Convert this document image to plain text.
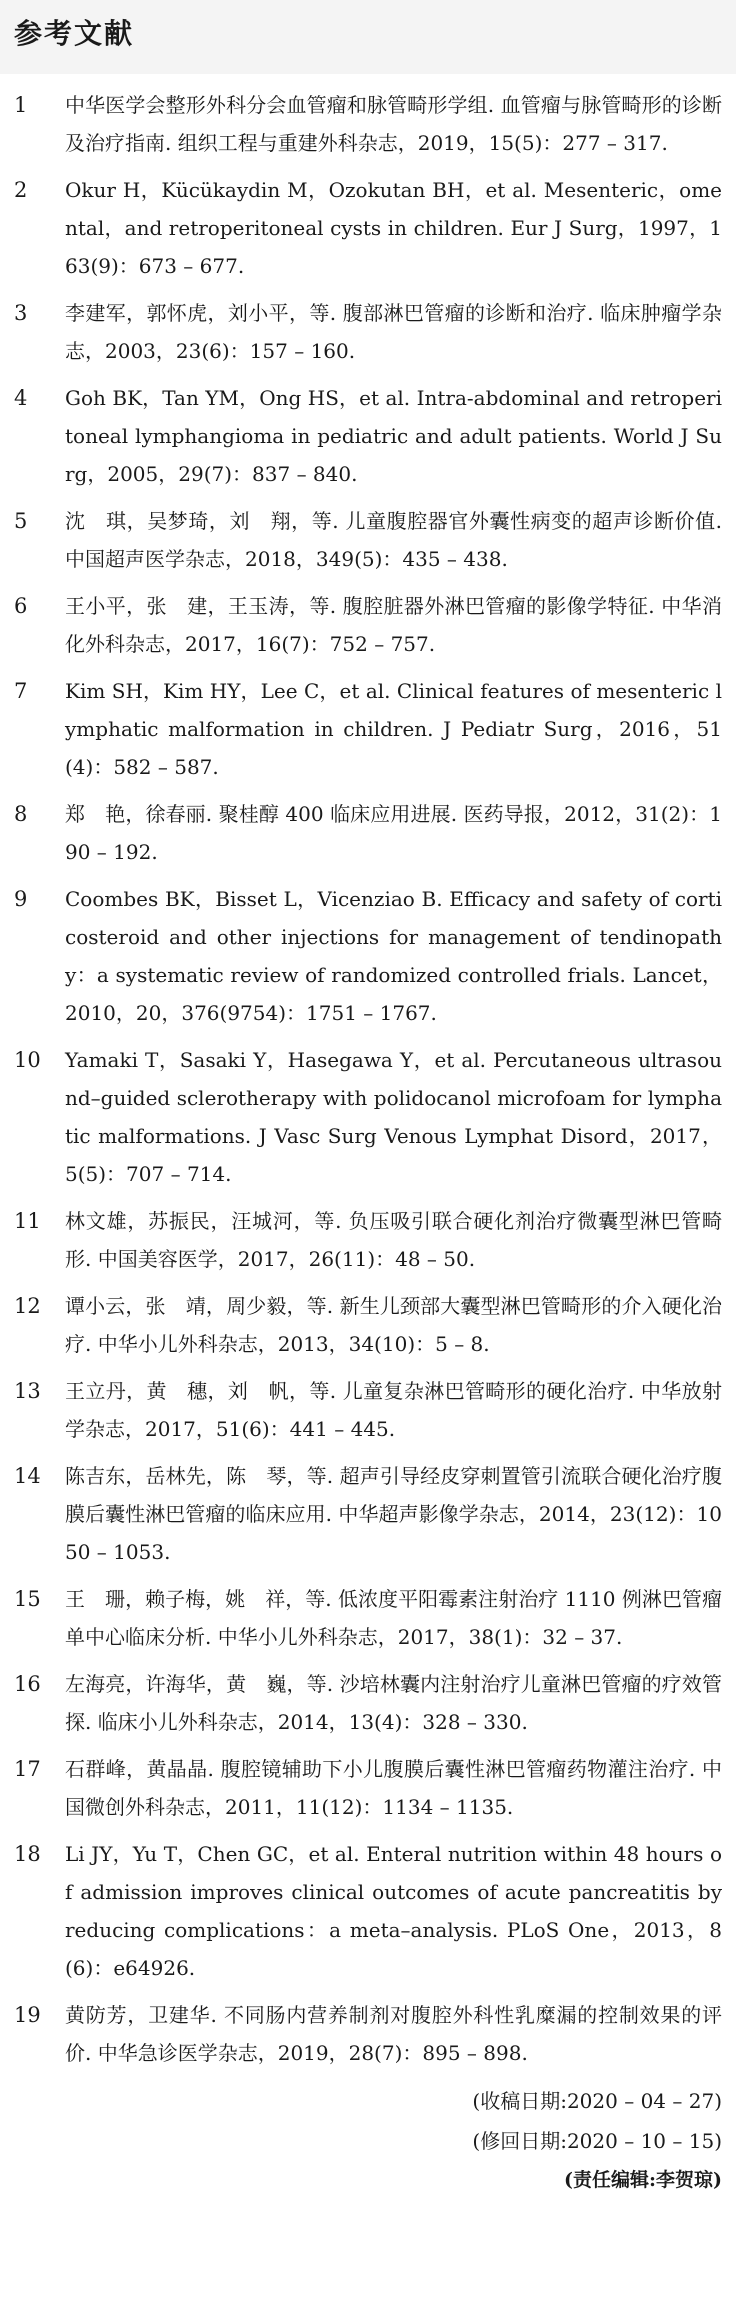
参考文献
1 中华医学会整形外科分会血管瘤和脉管畸形学组. 血管瘤与脉管畸形的诊断及治疗指南. 组织工程与重建外科杂志，2019，15(5)：277 – 317.
2 Okur H，Kücükaydin M，Ozokutan BH，et al. Mesenteric，omental，and retroperitoneal cysts in children. Eur J Surg，1997，163(9)：673 – 677.
3 李建军，郭怀虎，刘小平，等. 腹部淋巴管瘤的诊断和治疗. 临床肿瘤学杂志，2003，23(6)：157 – 160.
4 Goh BK，Tan YM，Ong HS，et al. Intra-abdominal and retroperitoneal lymphangioma in pediatric and adult patients. World J Surg，2005，29(7)：837 – 840.
5 沈　琪，吴梦琦，刘　翔，等. 儿童腹腔器官外囊性病变的超声诊断价值. 中国超声医学杂志，2018，349(5)：435 – 438.
6 王小平，张　建，王玉涛，等. 腹腔脏器外淋巴管瘤的影像学特征. 中华消化外科杂志，2017，16(7)：752 – 757.
7 Kim SH，Kim HY，Lee C，et al. Clinical features of mesenteric lymphatic malformation in children. J Pediatr Surg，2016，51(4)：582 – 587.
8 郑　艳，徐春丽. 聚桂醇 400 临床应用进展. 医药导报，2012，31(2)：190 – 192.
9 Coombes BK，Bisset L，Vicenziao B. Efficacy and safety of corticosteroid and other injections for management of tendinopathy：a systematic review of randomized controlled frials. Lancet，2010，20，376(9754)：1751 – 1767.
10 Yamaki T，Sasaki Y，Hasegawa Y，et al. Percutaneous ultrasound–guided sclerotherapy with polidocanol microfoam for lymphatic malformations. J Vasc Surg Venous Lymphat Disord，2017，5(5)：707 – 714.
11 林文雄，苏振民，汪城河，等. 负压吸引联合硬化剂治疗微囊型淋巴管畸形. 中国美容医学，2017，26(11)：48 – 50.
12 谭小云，张　靖，周少毅，等. 新生儿颈部大囊型淋巴管畸形的介入硬化治疗. 中华小儿外科杂志，2013，34(10)：5 – 8.
13 王立丹，黄　穗，刘　帆，等. 儿童复杂淋巴管畸形的硬化治疗. 中华放射学杂志，2017，51(6)：441 – 445.
14 陈吉东，岳林先，陈　琴，等. 超声引导经皮穿刺置管引流联合硬化治疗腹膜后囊性淋巴管瘤的临床应用. 中华超声影像学杂志，2014，23(12)：1050 – 1053.
15 王　珊，赖子梅，姚　祥，等. 低浓度平阳霉素注射治疗 1110 例淋巴管瘤单中心临床分析. 中华小儿外科杂志，2017，38(1)：32 – 37.
16 左海亮，许海华，黄　巍，等. 沙培林囊内注射治疗儿童淋巴管瘤的疗效管探. 临床小儿外科杂志，2014，13(4)：328 – 330.
17 石群峰，黄晶晶. 腹腔镜辅助下小儿腹膜后囊性淋巴管瘤药物灌注治疗. 中国微创外科杂志，2011，11(12)：1134 – 1135.
18 Li JY，Yu T，Chen GC，et al. Enteral nutrition within 48 hours of admission improves clinical outcomes of acute pancreatitis by reducing complications：a meta–analysis. PLoS One，2013，8(6)：e64926.
19 黄防芳，卫建华. 不同肠内营养制剂对腹腔外科性乳糜漏的控制效果的评价. 中华急诊医学杂志，2019，28(7)：895 – 898.
(收稿日期:2020 – 04 – 27)
(修回日期:2020 – 10 – 15)
(责任编辑:李贺琼)
